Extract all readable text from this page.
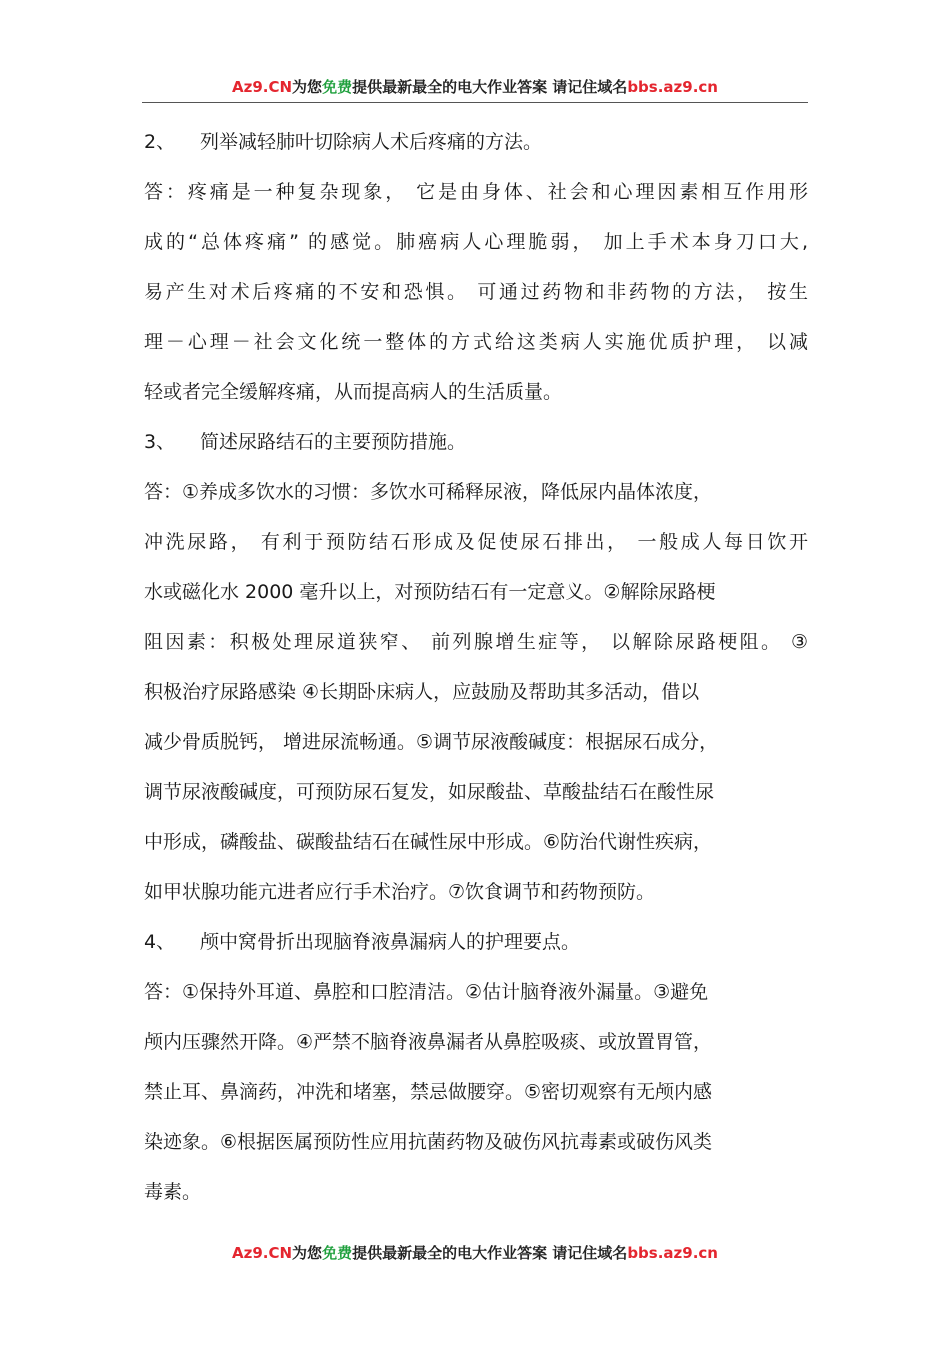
Az9.CN为您免费提供最新最全的电大作业答案 请记住域名bbs.az9.cn
2、 列举减轻肺叶切除病人术后疼痛的方法。
答：疼痛是一种复杂现象， 它是由身体、社会和心理因素相互作用形
成的“总体疼痛” 的感觉。肺癌病人心理脆弱， 加上手术本身刀口大,
易产生对术后疼痛的不安和恐惧。 可通过药物和非药物的方法， 按生
理－心理－社会文化统一整体的方式给这类病人实施优质护理， 以减
轻或者完全缓解疼痛，从而提高病人的生活质量。
3、 简述尿路结石的主要预防措施。
答：①养成多饮水的习惯：多饮水可稀释尿液，降低尿内晶体浓度，
冲洗尿路， 有利于预防结石形成及促使尿石排出， 一般成人每日饮开
水或磁化水 2000 毫升以上，对预防结石有一定意义。②解除尿路梗
阻因素：积极处理尿道狭窄、 前列腺增生症等， 以解除尿路梗阻。 ③
积极治疗尿路感染 ④长期卧床病人，应鼓励及帮助其多活动，借以
减少骨质脱钙， 增进尿流畅通。⑤调节尿液酸碱度：根据尿石成分，
调节尿液酸碱度，可预防尿石复发，如尿酸盐、草酸盐结石在酸性尿
中形成，磷酸盐、碳酸盐结石在碱性尿中形成。⑥防治代谢性疾病，
如甲状腺功能亢进者应行手术治疗。⑦饮食调节和药物预防。
4、 颅中窝骨折出现脑脊液鼻漏病人的护理要点。
答：①保持外耳道、鼻腔和口腔清洁。②估计脑脊液外漏量。③避免
颅内压骤然开降。④严禁不脑脊液鼻漏者从鼻腔吸痰、或放置胃管，
禁止耳、鼻滴药，冲洗和堵塞，禁忌做腰穿。⑤密切观察有无颅内感
染迹象。⑥根据医属预防性应用抗菌药物及破伤风抗毒素或破伤风类
毒素。
Az9.CN为您免费提供最新最全的电大作业答案 请记住域名bbs.az9.cn
